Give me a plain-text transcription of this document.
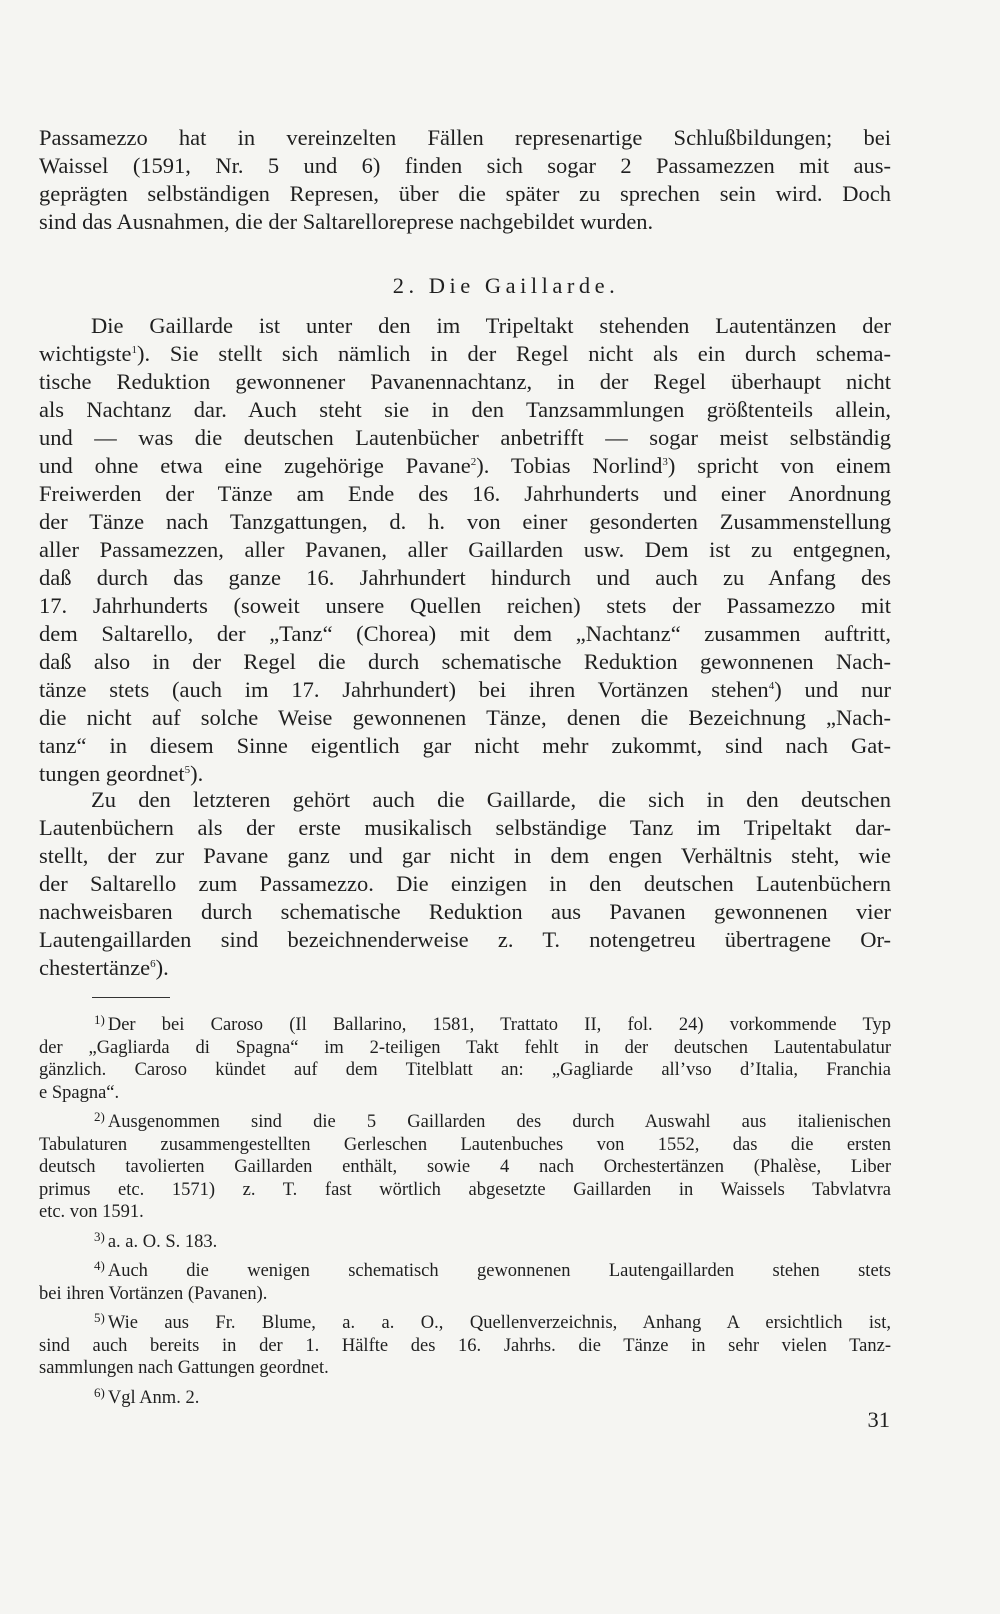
Passamezzo hat in vereinzelten Fällen represenartige Schlußbildungen; bei
Waissel (1591, Nr. 5 und 6) finden sich sogar 2 Passamezzen mit aus-
geprägten selbständigen Represen, über die später zu sprechen sein wird. Doch
sind das Ausnahmen, die der Saltarellorepresе nachgebildet wurden.
2. Die Gaillarde.
Die Gaillarde ist unter den im Tripeltakt stehenden Lautentänzen der
wichtigste$^1$). Sie stellt sich nämlich in der Regel nicht als ein durch schema-
tische Reduktion gewonnener Pavanennachtanz, in der Regel überhaupt nicht
als Nachtanz dar. Auch steht sie in den Tanzsammlungen größtenteils allein,
und — was die deutschen Lautenbücher anbetrifft — sogar meist selbständig
und ohne etwa eine zugehörige Pavane$^2$). Tobias Norlind$^3$) spricht von einem
Freiwerden der Tänze am Ende des 16. Jahrhunderts und einer Anordnung
der Tänze nach Tanzgattungen, d. h. von einer gesonderten Zusammenstellung
aller Passamezzen, aller Pavanen, aller Gaillarden usw. Dem ist zu entgegnen,
daß durch das ganze 16. Jahrhundert hindurch und auch zu Anfang des
17. Jahrhunderts (soweit unsere Quellen reichen) stets der Passamezzo mit
dem Saltarello, der „Tanz“ (Chorea) mit dem „Nachtanz“ zusammen auftritt,
daß also in der Regel die durch schematische Reduktion gewonnenen Nach-
tänze stets (auch im 17. Jahrhundert) bei ihren Vortänzen stehen$^4$) und nur
die nicht auf solche Weise gewonnenen Tänze, denen die Bezeichnung „Nach-
tanz“ in diesem Sinne eigentlich gar nicht mehr zukommt, sind nach Gat-
tungen geordnet$^5$).
Zu den letzteren gehört auch die Gaillarde, die sich in den deutschen
Lautenbüchern als der erste musikalisch selbständige Tanz im Tripeltakt dar-
stellt, der zur Pavane ganz und gar nicht in dem engen Verhältnis steht, wie
der Saltarello zum Passamezzo. Die einzigen in den deutschen Lautenbüchern
nachweisbaren durch schematische Reduktion aus Pavanen gewonnenen vier
Lautengaillarden sind bezeichnenderweise z. T. notengetreu übertragene Or-
chestertänze$^6$).
$^{1)}$ Der bei Caroso (Il Ballarino, 1581, Trattato II, fol. 24) vorkommende Typ
der „Gagliarda di Spagna“ im 2-teiligen Takt fehlt in der deutschen Lautentabulatur
gänzlich. Caroso kündet auf dem Titelblatt an: „Gagliarde all’vso d’Italia, Franchia
e Spagna“.
$^{2)}$ Ausgenommen sind die 5 Gaillarden des durch Auswahl aus italienischen
Tabulaturen zusammengestellten Gerleschen Lautenbuches von 1552, das die ersten
deutsch tavolierten Gaillarden enthält, sowie 4 nach Orchestertänzen (Phalèse, Liber
primus etc. 1571) z. T. fast wörtlich abgesetzte Gaillarden in Waissels Tabvlatvra
etc. von 1591.
$^{3)}$ a. a. O. S. 183.
$^{4)}$ Auch die wenigen schematisch gewonnenen Lautengaillarden stehen stets
bei ihren Vortänzen (Pavanen).
$^{5)}$ Wie aus Fr. Blume, a. a. O., Quellenverzeichnis, Anhang A ersichtlich ist,
sind auch bereits in der 1. Hälfte des 16. Jahrhs. die Tänze in sehr vielen Tanz-
sammlungen nach Gattungen geordnet.
$^{6)}$ Vgl Anm. 2.
31
